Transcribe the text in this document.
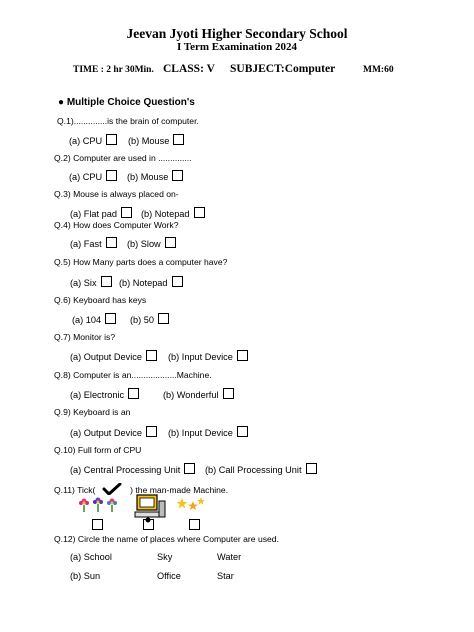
Jeevan Jyoti Higher Secondary School
I Term Examination 2024
TIME : 2 hr 30Min. CLASS: V SUBJECT:Computer	MM:60
● Multiple Choice Question's
Q.1)..............is the brain of computer.
(a) CPU	(b) Mouse
Q.2) Computer are used in ..............
(a) CPU	(b) Mouse
Q.3) Mouse is always placed on-
(a) Flat pad	(b) Notepad
Q.4) How does Computer Work?
(a) Fast	(b) Slow
Q.5) How Many parts does a computer have?
(a) Six	(b) Notepad
Q.6) Keyboard has keys
(a) 104	(b) 50
Q.7) Monitor is?
(a) Output Device	(b) Input Device
Q.8) Computer is an...................Machine.
(a) Electronic	(b) Wonderful
Q.9) Keyboard is an
(a) Output Device	(b) Input Device
Q.10) Full form of CPU
(a) Central Processing Unit	(b) Call Processing Unit
Q.11) Tick(	) the man-made Machine.
Q.12) Circle the name of places where Computer are used.
(a) School	Sky	Water
(b) Sun	Office	Star
